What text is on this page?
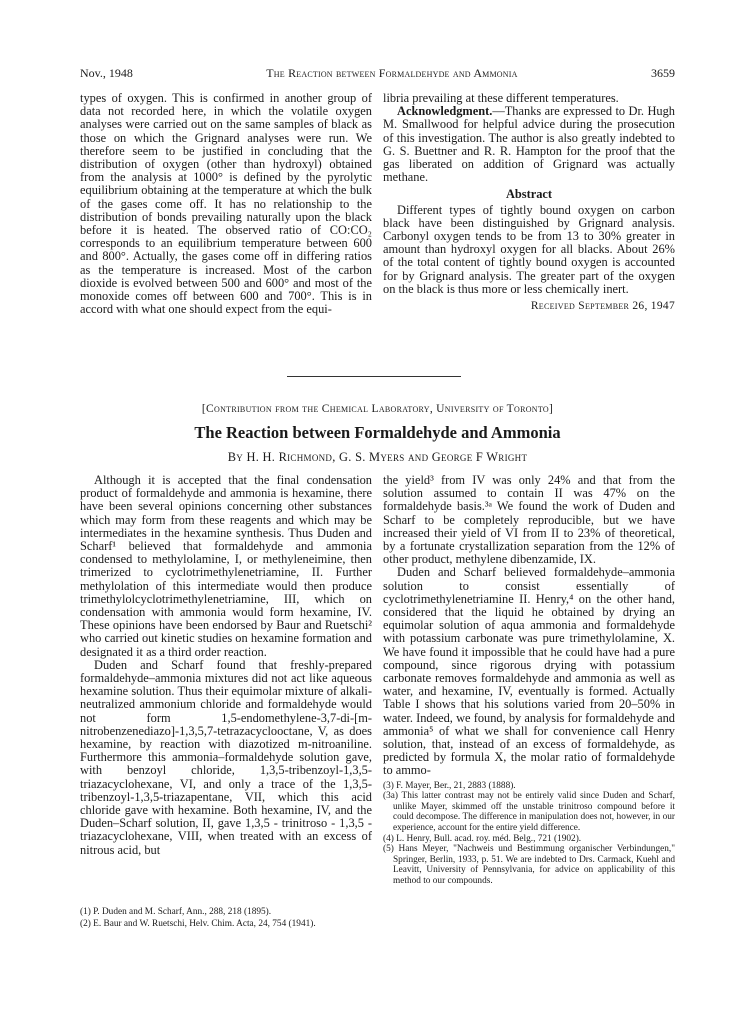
Nov., 1948	The Reaction between Formaldehyde and Ammonia	3659

types of oxygen. This is confirmed in another group of data not recorded here, in which the volatile oxygen analyses were carried out on the same samples of black as those on which the Grignard analyses were run. We therefore seem to be justified in concluding that the distribution of oxygen (other than hydroxyl) obtained from the analysis at 1000° is defined by the pyrolytic equilibrium obtaining at the temperature at which the bulk of the gases come off. It has no relationship to the distribution of bonds prevailing naturally upon the black before it is heated. The observed ratio of CO:CO₂ corresponds to an equilibrium temperature between 600 and 800°. Actually, the gases come off in differing ratios as the temperature is increased. Most of the carbon dioxide is evolved between 500 and 600° and most of the monoxide comes off between 600 and 700°. This is in accord with what one should expect from the equi-

libria prevailing at these different temperatures.

Acknowledgment.—Thanks are expressed to Dr. Hugh M. Smallwood for helpful advice during the prosecution of this investigation. The author is also greatly indebted to G. S. Buettner and R. R. Hampton for the proof that the gas liberated on addition of Grignard was actually methane.

Abstract

Different types of tightly bound oxygen on carbon black have been distinguished by Grignard analysis. Carbonyl oxygen tends to be from 13 to 30% greater in amount than hydroxyl oxygen for all blacks. About 26% of the total content of tightly bound oxygen is accounted for by Grignard analysis. The greater part of the oxygen on the black is thus more or less chemically inert.

Received September 26, 1947
[Contribution from the Chemical Laboratory, University of Toronto]
The Reaction between Formaldehyde and Ammonia
By H. H. Richmond, G. S. Myers and George F Wright

Although it is accepted that the final condensation product of formaldehyde and ammonia is hexamine, there have been several opinions concerning other substances which may form from these reagents and which may be intermediates in the hexamine synthesis. Thus Duden and Scharf¹ believed that formaldehyde and ammonia condensed to methylolamine, I, or methyleneimine, then trimerized to cyclotrimethylenetriamine, II. Further methylolation of this intermediate would then produce trimethylolcyclotrimethylenetriamine, III, which on condensation with ammonia would form hexamine, IV. These opinions have been endorsed by Baur and Ruetschi² who carried out kinetic studies on hexamine formation and designated it as a third order reaction.

Duden and Scharf found that freshly-prepared formaldehyde–ammonia mixtures did not act like aqueous hexamine solution. Thus their equimolar mixture of alkali-neutralized ammonium chloride and formaldehyde would not form 1,5-endomethylene-3,7-di-[m-nitrobenzenediazo]-1,3,5,7-tetrazacyclooctane, V, as does hexamine, by reaction with diazotized m-nitroaniline. Furthermore this ammonia–formaldehyde solution gave, with benzoyl chloride, 1,3,5-tribenzoyl-1,3,5-triazacyclohexane, VI, and only a trace of the 1,3,5-tribenzoyl-1,3,5-triazapentane, VII, which this acid chloride gave with hexamine. Both hexamine, IV, and the Duden–Scharf solution, II, gave 1,3,5 - trinitroso - 1,3,5 - triazacyclohexane, VIII, when treated with an excess of nitrous acid, but

(1) P. Duden and M. Scharf, Ann., 288, 218 (1895).

(2) E. Baur and W. Ruetschi, Helv. Chim. Acta, 24, 754 (1941).

the yield³ from IV was only 24% and that from the solution assumed to contain II was 47% on the formaldehyde basis.³ᵃ We found the work of Duden and Scharf to be completely reproducible, but we have increased their yield of VI from II to 23% of theoretical, by a fortunate crystallization separation from the 12% of other product, methylene dibenzamide, IX.

Duden and Scharf believed formaldehyde–ammonia solution to consist essentially of cyclotrimethylenetriamine II. Henry,⁴ on the other hand, considered that the liquid he obtained by drying an equimolar solution of aqua ammonia and formaldehyde with potassium carbonate was pure trimethylolamine, X. We have found it impossible that he could have had a pure compound, since rigorous drying with potassium carbonate removes formaldehyde and ammonia as well as water, and hexamine, IV, eventually is formed. Actually Table I shows that his solutions varied from 20–50% in water. Indeed, we found, by analysis for formaldehyde and ammonia⁵ of what we shall for convenience call Henry solution, that, instead of an excess of formaldehyde, as predicted by formula X, the molar ratio of formaldehyde to ammo-

(3) F. Mayer, Ber., 21, 2883 (1888).

(3a) This latter contrast may not be entirely valid since Duden and Scharf, unlike Mayer, skimmed off the unstable trinitroso compound before it could decompose. The difference in manipulation does not, however, in our experience, account for the entire yield difference.

(4) L. Henry, Bull. acad. roy. méd. Belg., 721 (1902).

(5) Hans Meyer, "Nachweis und Bestimmung organischer Verbindungen," Springer, Berlin, 1933, p. 51. We are indebted to Drs. Carmack, Kuehl and Leavitt, University of Pennsylvania, for advice on applicability of this method to our compounds.
